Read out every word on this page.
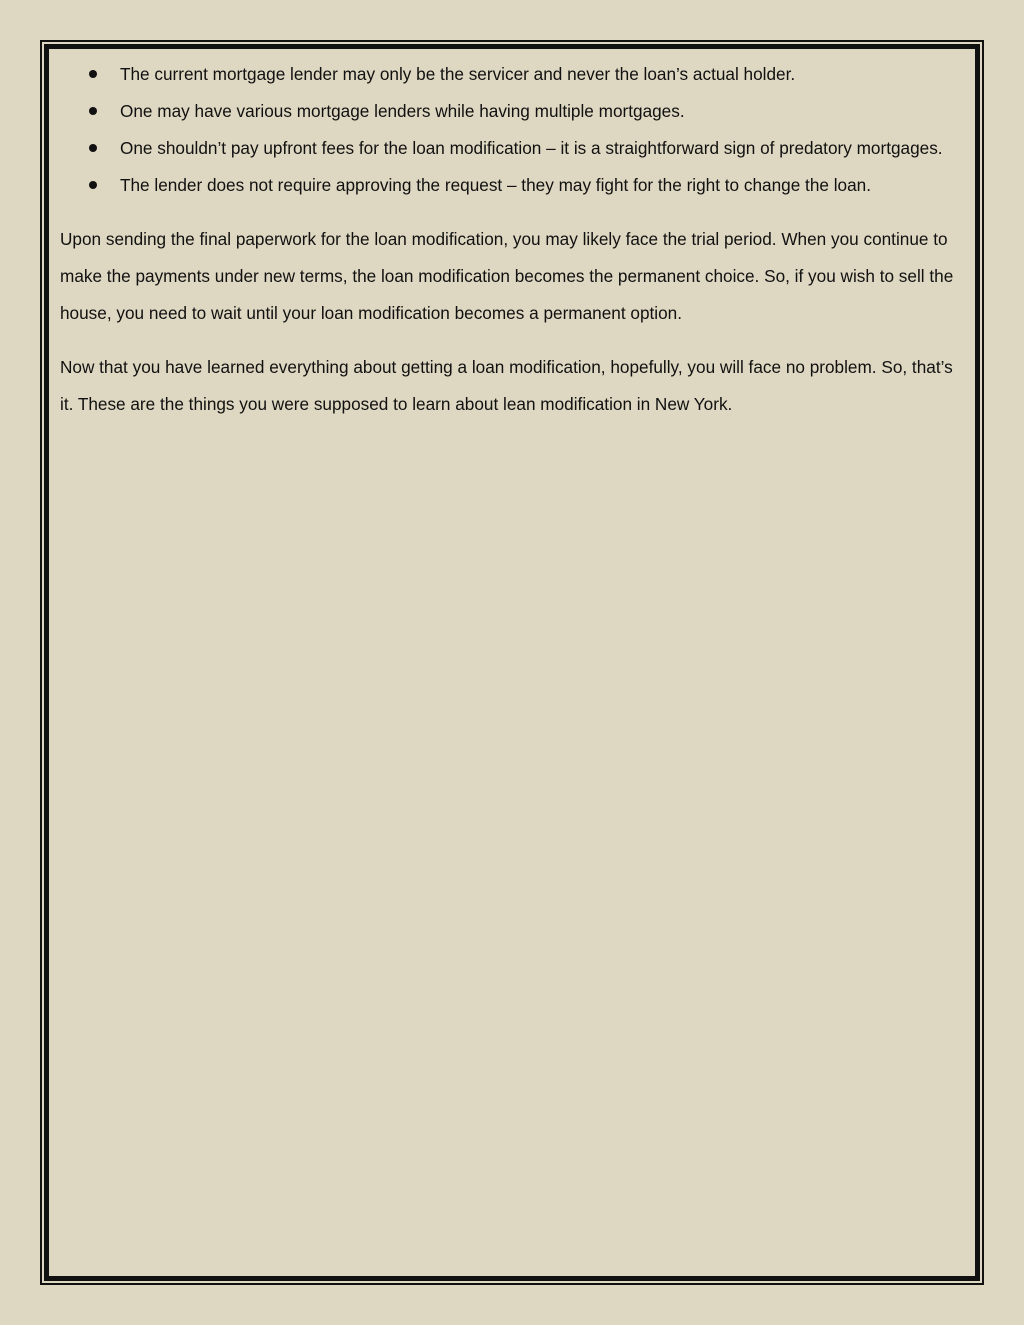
The current mortgage lender may only be the servicer and never the loan’s actual holder.
One may have various mortgage lenders while having multiple mortgages.
One shouldn’t pay upfront fees for the loan modification – it is a straightforward sign of predatory mortgages.
The lender does not require approving the request – they may fight for the right to change the loan.

Upon sending the final paperwork for the loan modification, you may likely face the trial period. When you continue to make the payments under new terms, the loan modification becomes the permanent choice. So, if you wish to sell the house, you need to wait until your loan modification becomes a permanent option.

Now that you have learned everything about getting a loan modification, hopefully, you will face no problem. So, that’s it. These are the things you were supposed to learn about lean modification in New York.
